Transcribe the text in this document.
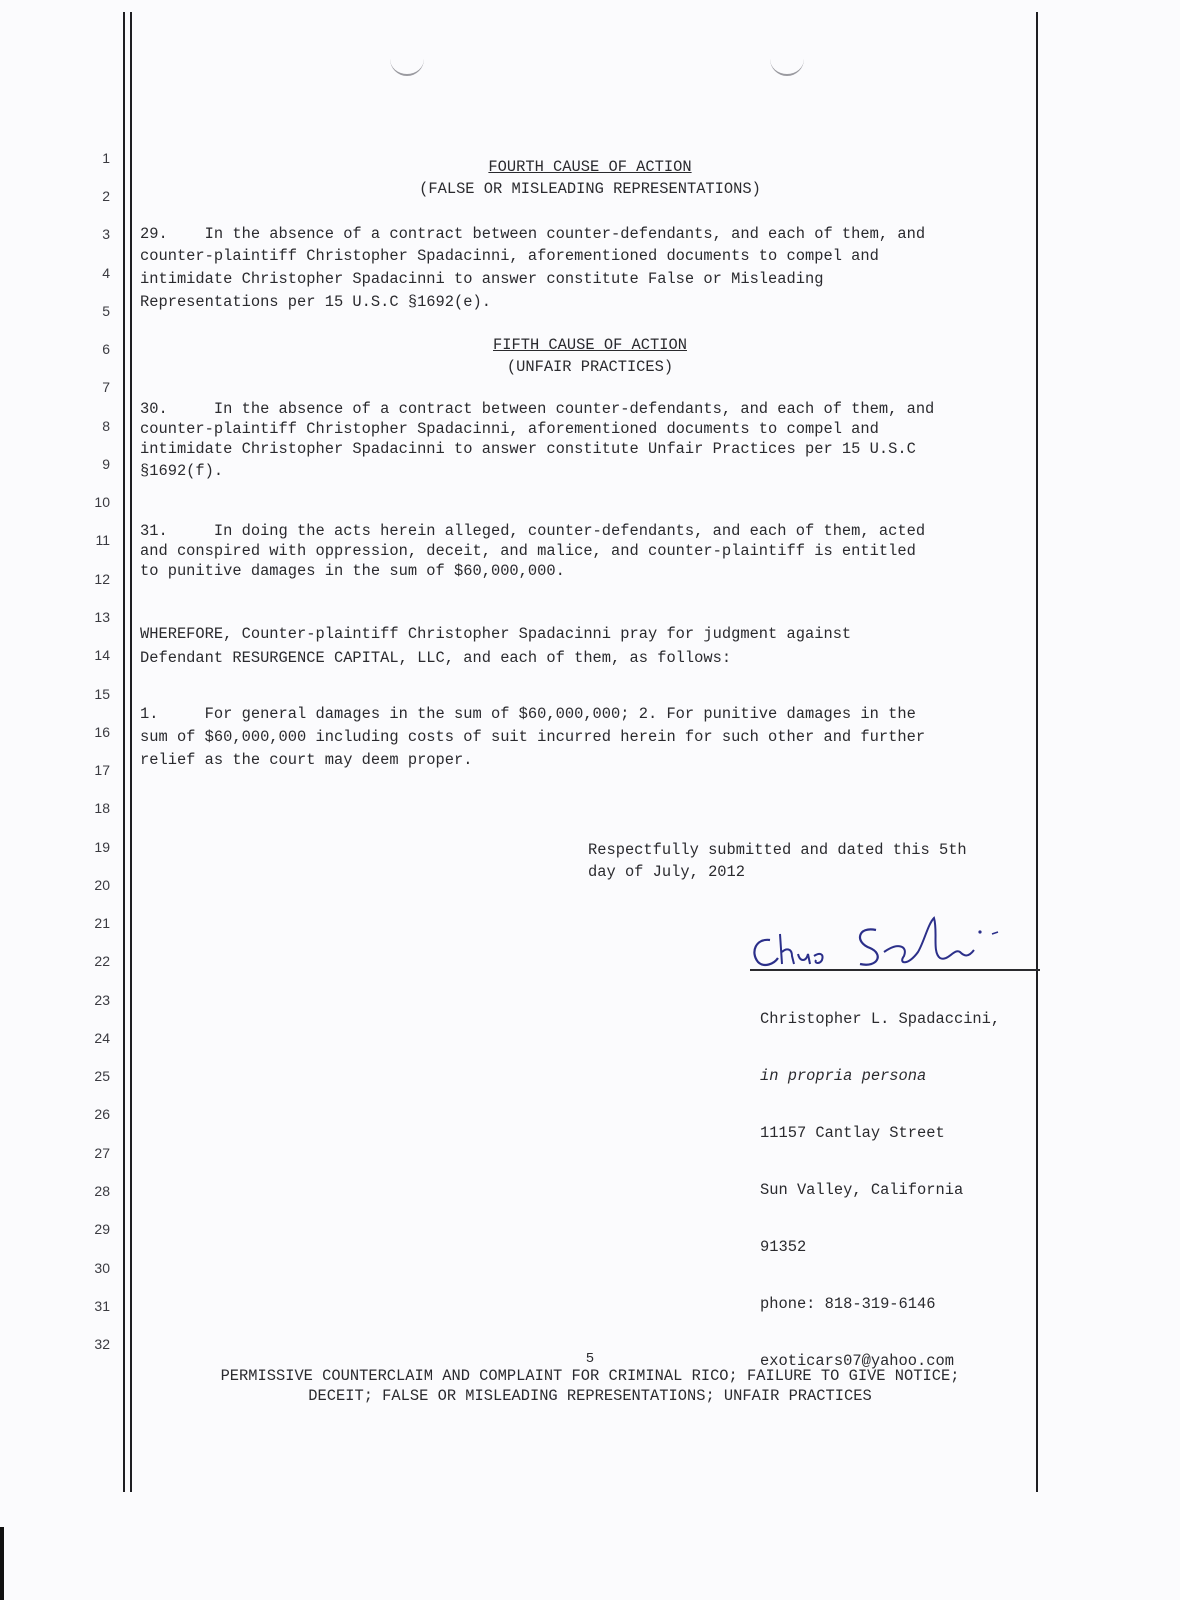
1
2
3
4
5
6
7
8
9
10
11
12
13
14
15
16
17
18
19
20
21
22
23
24
25
26
27
28
29
30
31
32
FOURTH CAUSE OF ACTION
(FALSE OR MISLEADING REPRESENTATIONS)
29.    In the absence of a contract between counter-defendants, and each of them, and
counter-plaintiff Christopher Spadacinni, aforementioned documents to compel and
intimidate Christopher Spadacinni to answer constitute False or Misleading
Representations per 15 U.S.C §1692(e).
FIFTH CAUSE OF ACTION
(UNFAIR PRACTICES)
30.     In the absence of a contract between counter-defendants, and each of them, and
counter-plaintiff Christopher Spadacinni, aforementioned documents to compel and
intimidate Christopher Spadacinni to answer constitute Unfair Practices per 15 U.S.C
§1692(f).
31.     In doing the acts herein alleged, counter-defendants, and each of them, acted
and conspired with oppression, deceit, and malice, and counter-plaintiff is entitled
to punitive damages in the sum of $60,000,000.
WHEREFORE, Counter-plaintiff Christopher Spadacinni pray for judgment against
Defendant RESURGENCE CAPITAL, LLC, and each of them, as follows:
1.     For general damages in the sum of $60,000,000; 2. For punitive damages in the
sum of $60,000,000 including costs of suit incurred herein for such other and further
relief as the court may deem proper.
Respectfully submitted and dated this 5th
day of July, 2012

Christopher L. Spadaccini,

in propria persona

11157 Cantlay Street

Sun Valley, California

91352

phone: 818-319-6146

exoticars07@yahoo.com

5
PERMISSIVE COUNTERCLAIM AND COMPLAINT FOR CRIMINAL RICO; FAILURE TO GIVE NOTICE;
DECEIT; FALSE OR MISLEADING REPRESENTATIONS; UNFAIR PRACTICES
